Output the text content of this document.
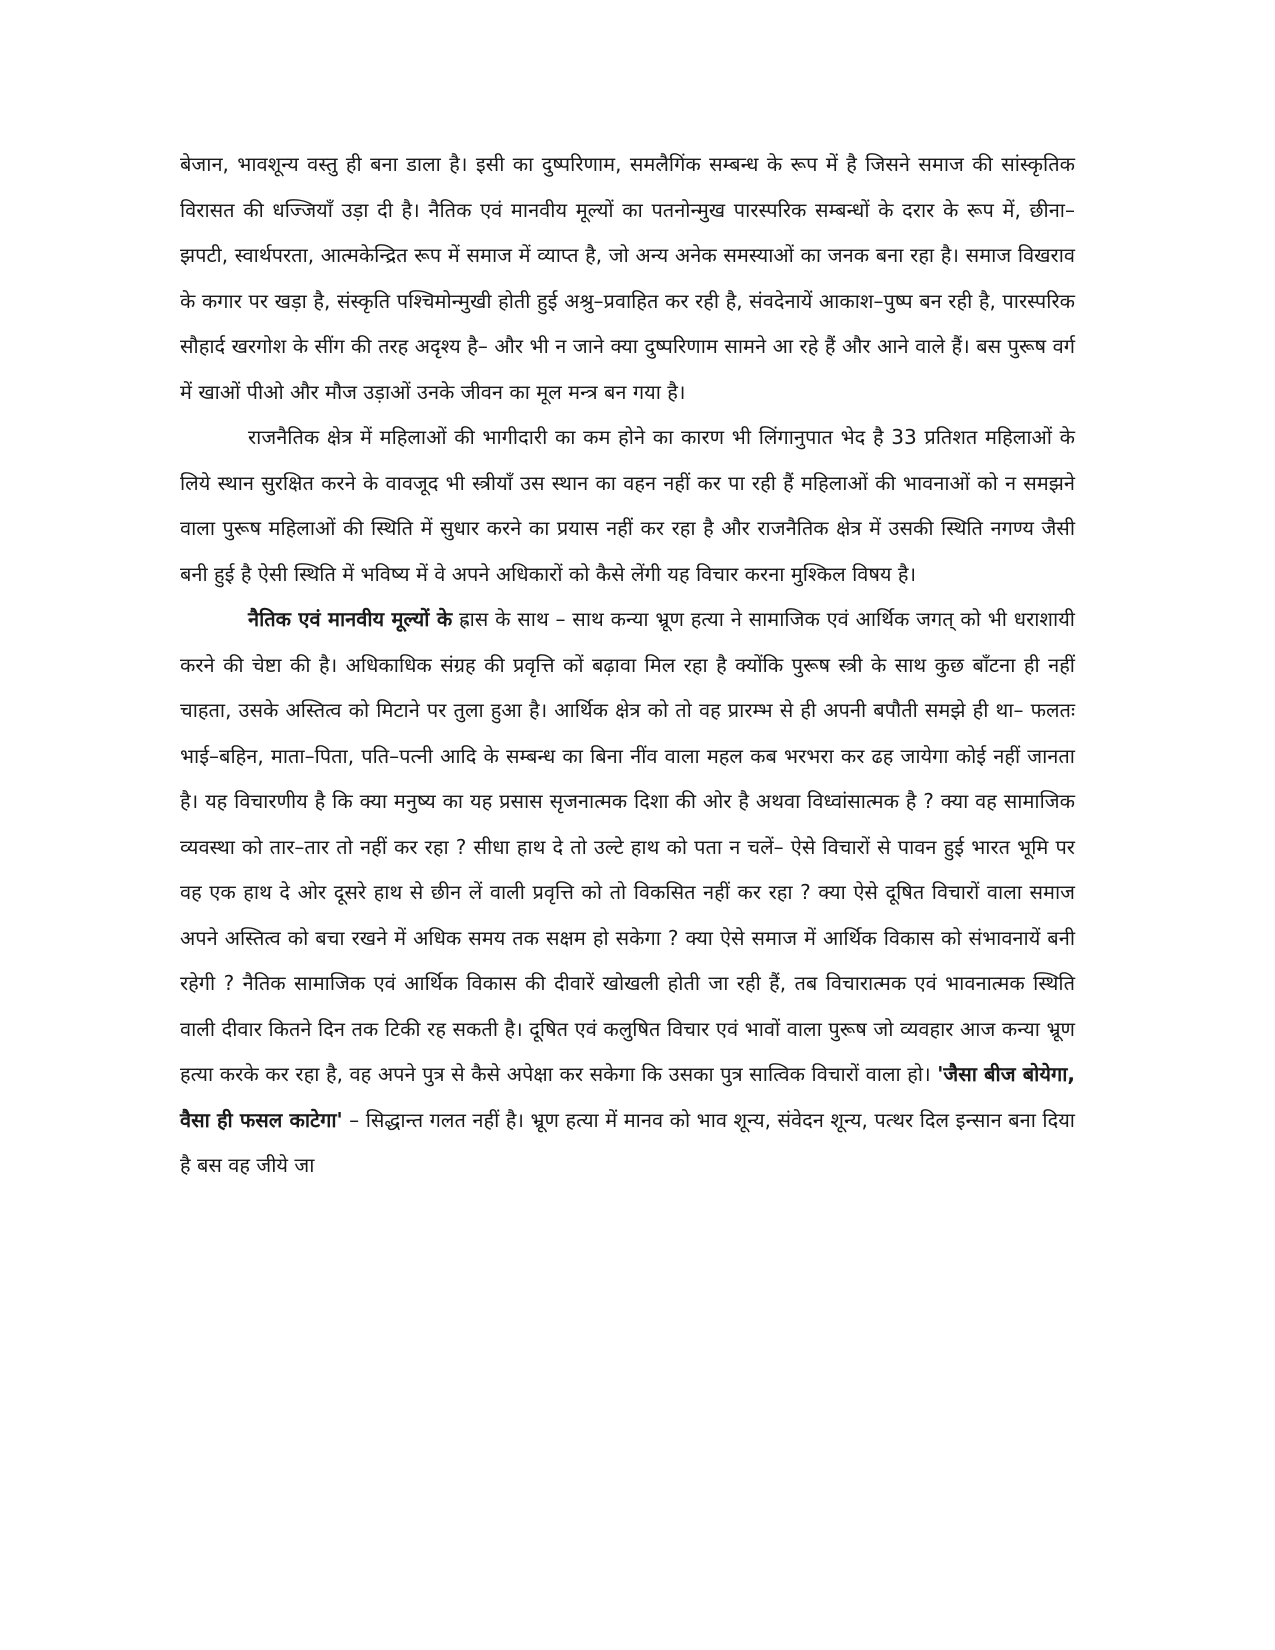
बेजान, भावशून्य वस्तु ही बना डाला है। इसी का दुष्परिणाम, समलैगिंक सम्बन्ध के रूप में है जिसने समाज की सांस्कृतिक विरासत की धज्जियाँ उड़ा दी है। नैतिक एवं मानवीय मूल्यों का पतनोन्मुख पारस्परिक सम्बन्धों के दरार के रूप में, छीना–झपटी, स्वार्थपरता, आत्मकेन्द्रित रूप में समाज में व्याप्त है, जो अन्य अनेक समस्याओं का जनक बना रहा है। समाज विखराव के कगार पर खड़ा है, संस्कृति पश्चिमोन्मुखी होती हुई अश्रु–प्रवाहित कर रही है, संवदेनायें आकाश–पुष्प बन रही है, पारस्परिक सौहार्द खरगोश के सींग की तरह अदृश्य है– और भी न जाने क्या दुष्परिणाम सामने आ रहे हैं और आने वाले हैं। बस पुरूष वर्ग में खाओं पीओ और मौज उड़ाओं उनके जीवन का मूल मन्त्र बन गया है।

राजनैतिक क्षेत्र में महिलाओं की भागीदारी का कम होने का कारण भी लिंगानुपात भेद है 33 प्रतिशत महिलाओं के लिये स्थान सुरक्षित करने के वावजूद भी स्त्रीयाँ उस स्थान का वहन नहीं कर पा रही हैं महिलाओं की भावनाओं को न समझने वाला पुरूष महिलाओं की स्थिति में सुधार करने का प्रयास नहीं कर रहा है और राजनैतिक क्षेत्र में उसकी स्थिति नगण्य जैसी बनी हुई है ऐसी स्थिति में भविष्य में वे अपने अधिकारों को कैसे लेंगी यह विचार करना मुश्किल विषय है।

नैतिक एवं मानवीय मूल्यों के ह्रास के साथ – साथ कन्या भ्रूण हत्या ने सामाजिक एवं आर्थिक जगत् को भी धराशायी करने की चेष्टा की है। अधिकाधिक संग्रह की प्रवृत्ति कों बढ़ावा मिल रहा है क्योंकि पुरूष स्त्री के साथ कुछ बाँटना ही नहीं चाहता, उसके अस्तित्व को मिटाने पर तुला हुआ है। आर्थिक क्षेत्र को तो वह प्रारम्भ से ही अपनी बपौती समझे ही था– फलतः भाई–बहिन, माता–पिता, पति–पत्नी आदि के सम्बन्ध का बिना नींव वाला महल कब भरभरा कर ढह जायेगा कोई नहीं जानता है। यह विचारणीय है कि क्या मनुष्य का यह प्रसास सृजनात्मक दिशा की ओर है अथवा विध्वांसात्मक है ? क्या वह सामाजिक व्यवस्था को तार–तार तो नहीं कर रहा ? सीधा हाथ दे तो उल्टे हाथ को पता न चलें– ऐसे विचारों से पावन हुई भारत भूमि पर वह एक हाथ दे ओर दूसरे हाथ से छीन लें वाली प्रवृत्ति को तो विकसित नहीं कर रहा ? क्या ऐसे दूषित विचारों वाला समाज अपने अस्तित्व को बचा रखने में अधिक समय तक सक्षम हो सकेगा ? क्या ऐसे समाज में आर्थिक विकास को संभावनायें बनी रहेगी ? नैतिक सामाजिक एवं आर्थिक विकास की दीवारें खोखली होती जा रही हैं, तब विचारात्मक एवं भावनात्मक स्थिति वाली दीवार कितने दिन तक टिकी रह सकती है। दूषित एवं कलुषित विचार एवं भावों वाला पुरूष जो व्यवहार आज कन्या भ्रूण हत्या करके कर रहा है, वह अपने पुत्र से कैसे अपेक्षा कर सकेगा कि उसका पुत्र सात्विक विचारों वाला हो। 'जैसा बीज बोयेगा, वैसा ही फसल काटेगा' – सिद्धान्त गलत नहीं है। भ्रूण हत्या में मानव को भाव शून्य, संवेदन शून्य, पत्थर दिल इन्सान बना दिया है बस वह जीये जा
